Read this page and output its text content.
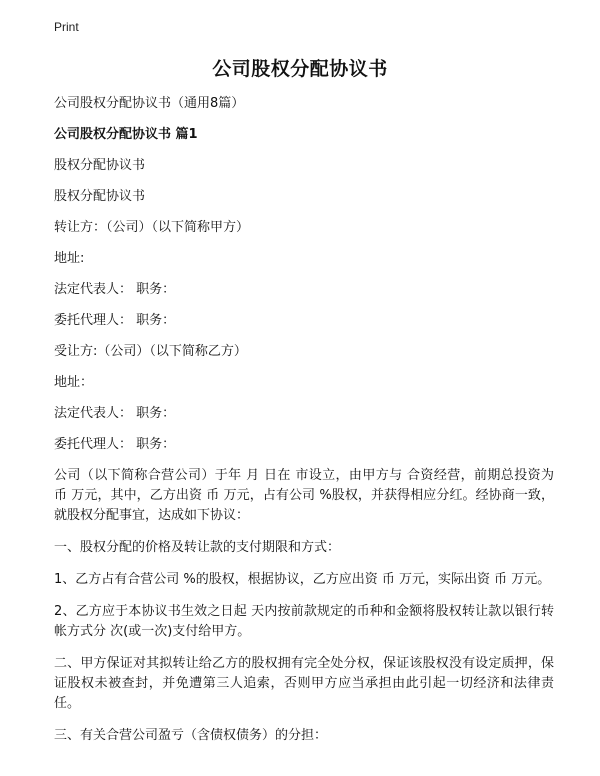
Print
公司股权分配协议书

公司股权分配协议书（通用8篇）

公司股权分配协议书 篇1

股权分配协议书

股权分配协议书

转让方：（公司）（以下简称甲方）

地址:

法定代表人： 职务：

委托代理人： 职务：

受让方:（公司）（以下简称乙方）

地址：

法定代表人： 职务：

委托代理人： 职务：

公司（以下简称合营公司）于年 月 日在 市设立，由甲方与 合资经营，前期总投资为 币 万元，其中，乙方出资 币 万元，占有公司 %股权，并获得相应分红。经协商一致，就股权分配事宜，达成如下协议：

一、股权分配的价格及转让款的支付期限和方式：

1、乙方占有合营公司 %的股权，根据协议，乙方应出资 币 万元，实际出资 币 万元。

2、乙方应于本协议书生效之日起 天内按前款规定的币种和金额将股权转让款以银行转帐方式分 次(或一次)支付给甲方。

二、甲方保证对其拟转让给乙方的股权拥有完全处分权，保证该股权没有设定质押，保证股权未被查封，并免遭第三人追索，否则甲方应当承担由此引起一切经济和法律责任。

三、有关合营公司盈亏（含债权债务）的分担：
